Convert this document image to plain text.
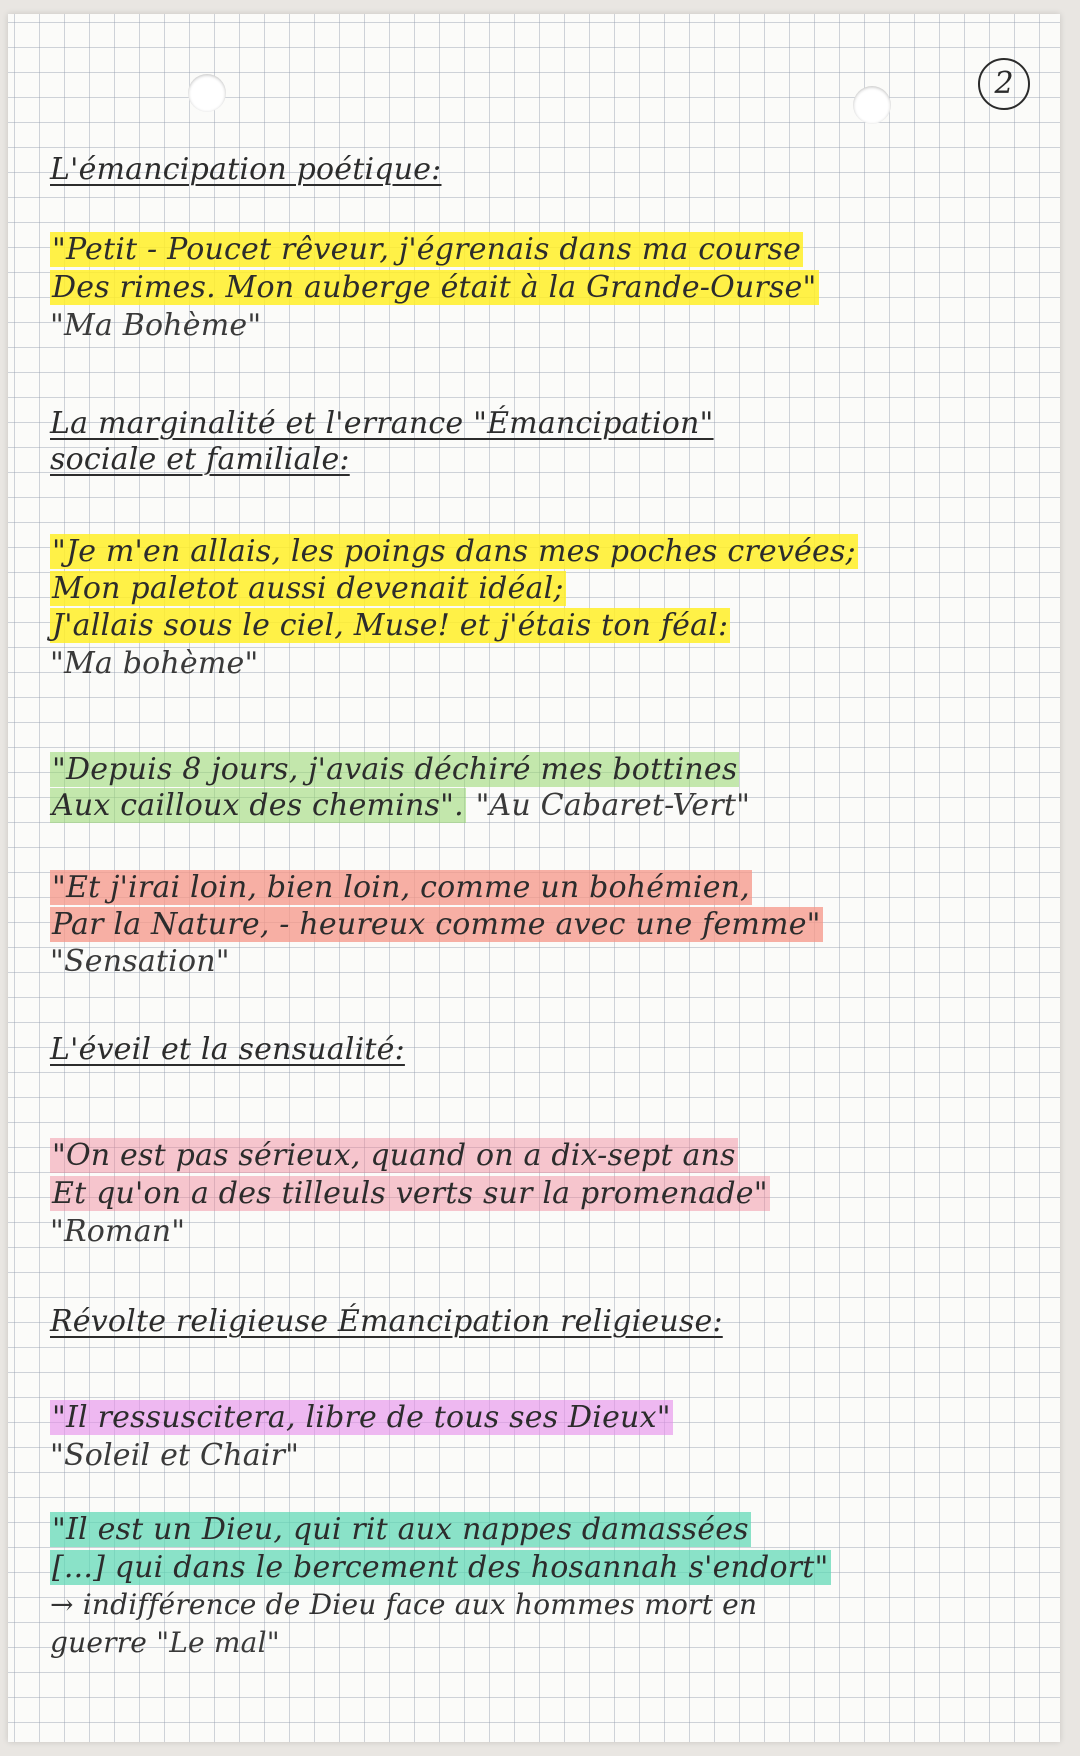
2
L'émancipation poétique:
"Petit - Poucet rêveur, j'égrenais dans ma course
Des rimes. Mon auberge était à la Grande-Ourse"
"Ma Bohème"
La marginalité et l'errance "Émancipation"
sociale et familiale:
"Je m'en allais, les poings dans mes poches crevées;
Mon paletot aussi devenait idéal;
J'allais sous le ciel, Muse! et j'étais ton féal:
"Ma bohème"
"Depuis 8 jours, j'avais déchiré mes bottines
Aux cailloux des chemins". "Au Cabaret-Vert"
"Et j'irai loin, bien loin, comme un bohémien,
Par la Nature, - heureux comme avec une femme"
"Sensation"
L'éveil et la sensualité:
"On est pas sérieux, quand on a dix-sept ans
Et qu'on a des tilleuls verts sur la promenade"
"Roman"
Révolte religieuse Émancipation religieuse:
"Il ressuscitera, libre de tous ses Dieux"
"Soleil et Chair"
"Il est un Dieu, qui rit aux nappes damassées
[...] qui dans le bercement des hosannah s'endort"
→ indifférence de Dieu face aux hommes mort en
guerre "Le mal"
